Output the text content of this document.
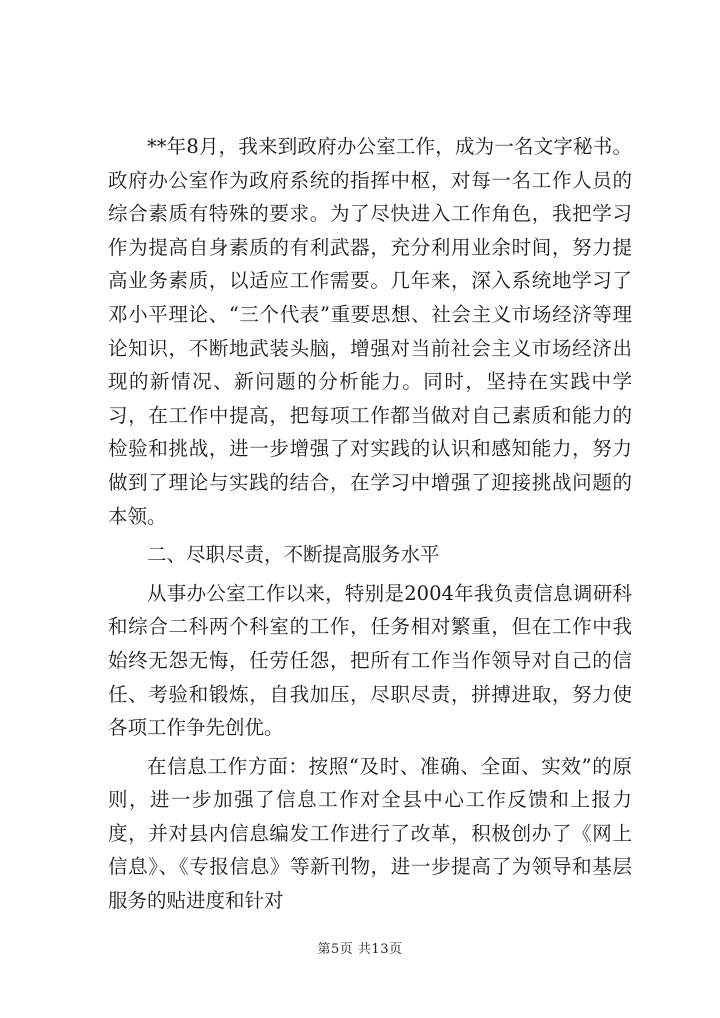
**年8月，我来到政府办公室工作，成为一名文字秘书。政府办公室作为政府系统的指挥中枢，对每一名工作人员的综合素质有特殊的要求。为了尽快进入工作角色，我把学习作为提高自身素质的有利武器，充分利用业余时间，努力提高业务素质，以适应工作需要。几年来，深入系统地学习了邓小平理论、“三个代表”重要思想、社会主义市场经济等理论知识，不断地武装头脑，增强对当前社会主义市场经济出现的新情况、新问题的分析能力。同时，坚持在实践中学习，在工作中提高，把每项工作都当做对自己素质和能力的检验和挑战，进一步增强了对实践的认识和感知能力，努力做到了理论与实践的结合，在学习中增强了迎接挑战问题的本领。

二、尽职尽责，不断提高服务水平

从事办公室工作以来，特别是2004年我负责信息调研科和综合二科两个科室的工作，任务相对繁重，但在工作中我始终无怨无悔，任劳任怨，把所有工作当作领导对自己的信任、考验和锻炼，自我加压，尽职尽责，拼搏进取，努力使各项工作争先创优。

在信息工作方面：按照“及时、准确、全面、实效”的原则，进一步加强了信息工作对全县中心工作反馈和上报力度，并对县内信息编发工作进行了改革，积极创办了《网上信息》、《专报信息》等新刊物，进一步提高了为领导和基层服务的贴进度和针对

第5页 共13页
